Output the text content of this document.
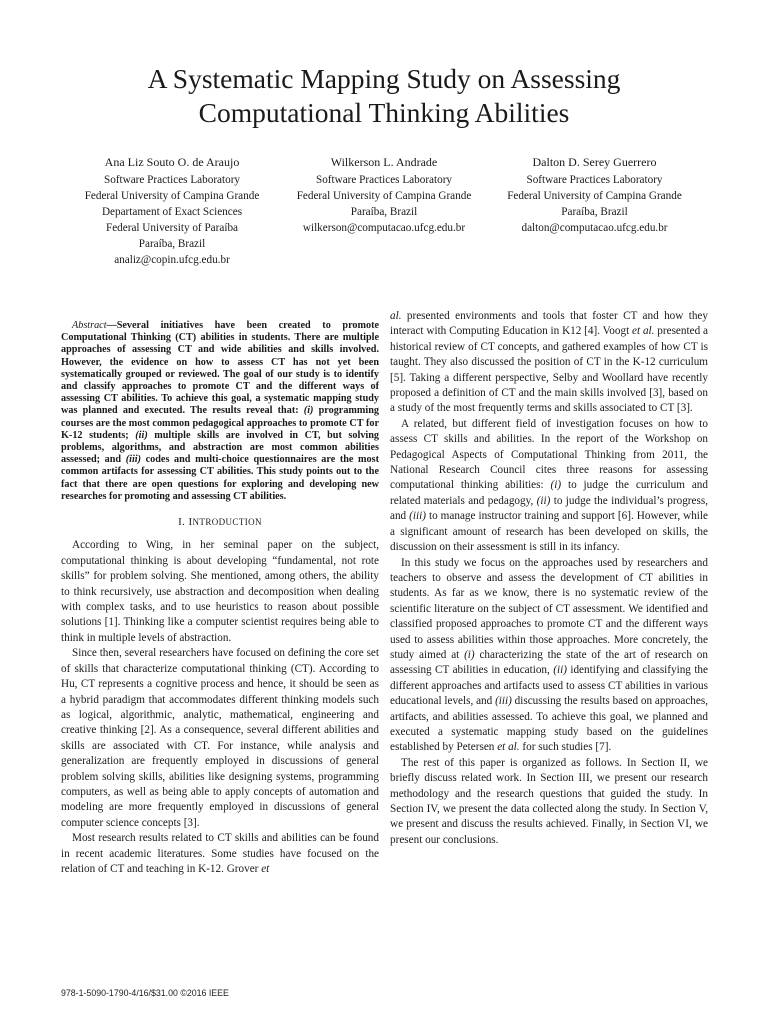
A Systematic Mapping Study on Assessing
Computational Thinking Abilities
Ana Liz Souto O. de Araujo
Software Practices Laboratory
Federal University of Campina Grande
Departament of Exact Sciences
Federal University of Paraíba
Paraíba, Brazil
analiz@copin.ufcg.edu.br
Wilkerson L. Andrade
Software Practices Laboratory
Federal University of Campina Grande
Paraíba, Brazil
wilkerson@computacao.ufcg.edu.br
Dalton D. Serey Guerrero
Software Practices Laboratory
Federal University of Campina Grande
Paraíba, Brazil
dalton@computacao.ufcg.edu.br

Abstract—Several initiatives have been created to promote Computational Thinking (CT) abilities in students. There are multiple approaches of assessing CT and wide abilities and skills involved. However, the evidence on how to assess CT has not yet been systematically grouped or reviewed. The goal of our study is to identify and classify approaches to promote CT and the different ways of assessing CT abilities. To achieve this goal, a systematic mapping study was planned and executed. The results reveal that: (i) programming courses are the most common pedagogical approaches to promote CT for K-12 students; (ii) multiple skills are involved in CT, but solving problems, algorithms, and abstraction are most common abilities assessed; and (iii) codes and multi-choice questionnaires are the most common artifacts for assessing CT abilities. This study points out to the fact that there are open questions for exploring and developing new researches for promoting and assessing CT abilities.

I. INTRODUCTION

According to Wing, in her seminal paper on the subject, computational thinking is about developing “fundamental, not rote skills” for problem solving. She mentioned, among others, the ability to think recursively, use abstraction and decomposition when dealing with complex tasks, and to use heuristics to reason about possible solutions [1]. Thinking like a computer scientist requires being able to think in multiple levels of abstraction.

Since then, several researchers have focused on defining the core set of skills that characterize computational thinking (CT). According to Hu, CT represents a cognitive process and hence, it should be seen as a hybrid paradigm that accommodates different thinking models such as logical, algorithmic, analytic, mathematical, engineering and creative thinking [2]. As a consequence, several different abilities and skills are associated with CT. For instance, while analysis and generalization are frequently employed in discussions of general problem solving skills, abilities like designing systems, programming computers, as well as being able to apply concepts of automation and modeling are more frequently employed in discussions of general computer science concepts [3].

Most research results related to CT skills and abilities can be found in recent academic literatures. Some studies have focused on the relation of CT and teaching in K-12. Grover et

al. presented environments and tools that foster CT and how they interact with Computing Education in K12 [4]. Voogt et al. presented a historical review of CT concepts, and gathered examples of how CT is taught. They also discussed the position of CT in the K-12 curriculum [5]. Taking a different perspective, Selby and Woollard have recently proposed a definition of CT and the main skills involved [3], based on a study of the most frequently terms and skills associated to CT [3].

A related, but different field of investigation focuses on how to assess CT skills and abilities. In the report of the Workshop on Pedagogical Aspects of Computational Thinking from 2011, the National Research Council cites three reasons for assessing computational thinking abilities: (i) to judge the curriculum and related materials and pedagogy, (ii) to judge the individual’s progress, and (iii) to manage instructor training and support [6]. However, while a significant amount of research has been developed on skills, the discussion on their assessment is still in its infancy.

In this study we focus on the approaches used by researchers and teachers to observe and assess the development of CT abilities in students. As far as we know, there is no systematic review of the scientific literature on the subject of CT assessment. We identified and classified proposed approaches to promote CT and the different ways used to assess abilities within those approaches. More concretely, the study aimed at (i) characterizing the state of the art of research on assessing CT abilities in education, (ii) identifying and classifying the different approaches and artifacts used to assess CT abilities in various educational levels, and (iii) discussing the results based on approaches, artifacts, and abilities assessed. To achieve this goal, we planned and executed a systematic mapping study based on the guidelines established by Petersen et al. for such studies [7].

The rest of this paper is organized as follows. In Section II, we briefly discuss related work. In Section III, we present our research methodology and the research questions that guided the study. In Section IV, we present the data collected along the study. In Section V, we present and discuss the results achieved. Finally, in Section VI, we present our conclusions.

978-1-5090-1790-4/16/$31.00 ©2016 IEEE
